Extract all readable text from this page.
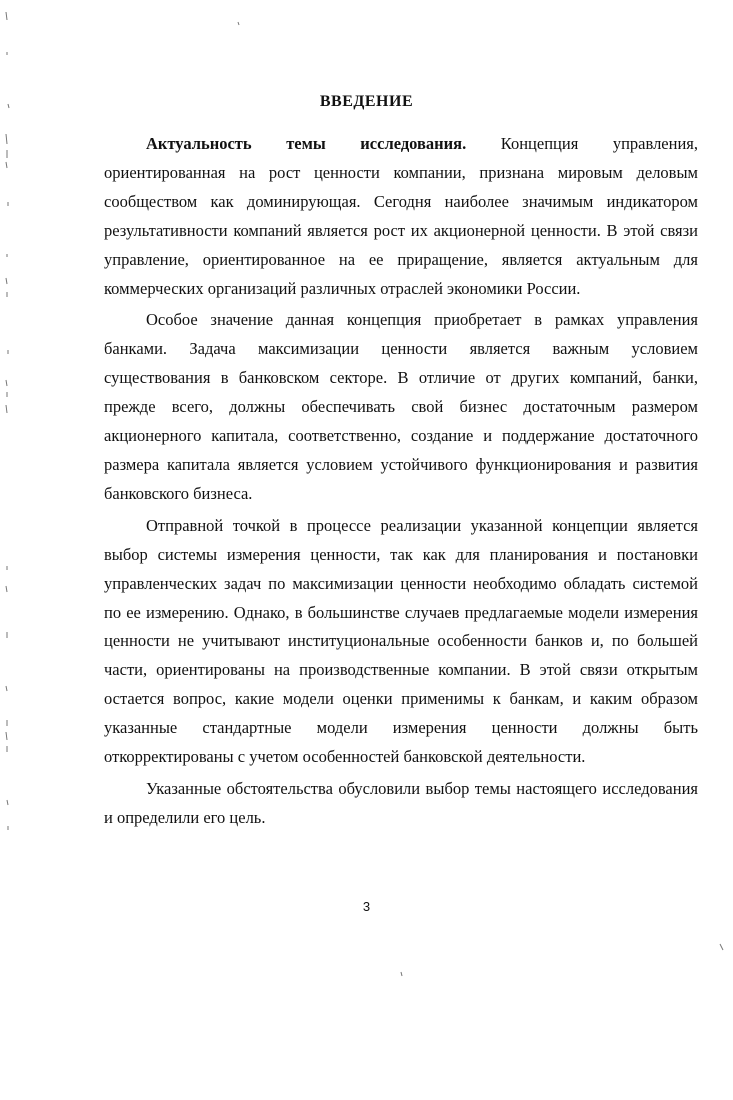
ВВЕДЕНИЕ

Актуальность темы исследования. Концепция управления, ориентированная на рост ценности компании, признана мировым деловым сообществом как доминирующая. Сегодня наиболее значимым индикатором результативности компаний является рост их акционерной ценности. В этой связи управление, ориентированное на ее приращение, является актуальным для коммерческих организаций различных отраслей экономики России.

Особое значение данная концепция приобретает в рамках управления банками. Задача максимизации ценности является важным условием существования в банковском секторе. В отличие от других компаний, банки, прежде всего, должны обеспечивать свой бизнес достаточным размером акционерного капитала, соответственно, создание и поддержание достаточного размера капитала является условием устойчивого функционирования и развития банковского бизнеса.

Отправной точкой в процессе реализации указанной концепции является выбор системы измерения ценности, так как для планирования и постановки управленческих задач по максимизации ценности необходимо обладать системой по ее измерению. Однако, в большинстве случаев предлагаемые модели измерения ценности не учитывают институциональные особенности банков и, по большей части, ориентированы на производственные компании. В этой связи открытым остается вопрос, какие модели оценки применимы к банкам, и каким образом указанные стандартные модели измерения ценности должны быть откорректированы с учетом особенностей банковской деятельности.

Указанные обстоятельства обусловили выбор темы настоящего исследования и определили его цель.

3
